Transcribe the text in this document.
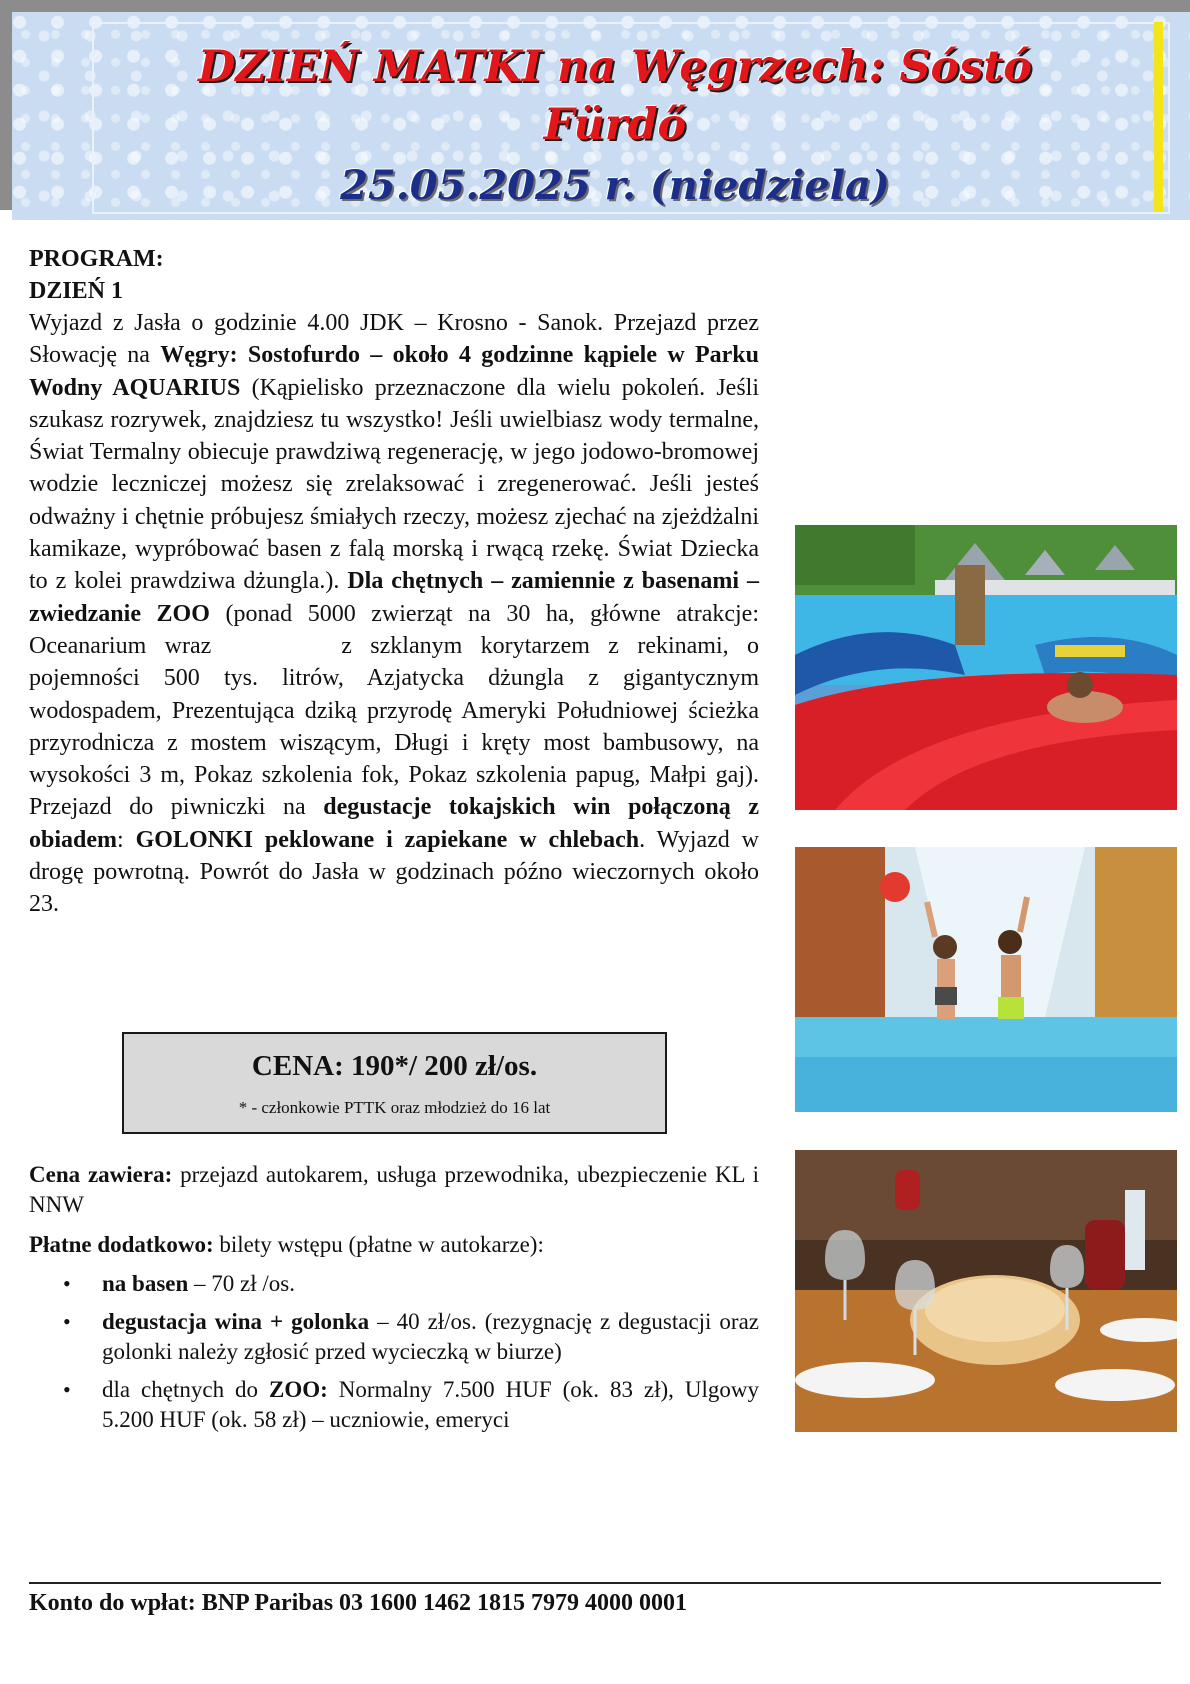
DZIEŃ MATKI na Węgrzech: Sóstó
Fürdő
25.05.2025 r. (niedziela)
PROGRAM:
DZIEŃ 1
Wyjazd z Jasła o godzinie 4.00 JDK – Krosno - Sanok. Przejazd przez Słowację na Węgry: Sostofurdo – około 4 godzinne kąpiele w Parku Wodny AQUARIUS (Kąpielisko przeznaczone dla wielu pokoleń. Jeśli szukasz rozrywek, znajdziesz tu wszystko! Jeśli uwielbiasz wody termalne, Świat Termalny obiecuje prawdziwą regenerację, w jego jodowo-bromowej wodzie leczniczej możesz się zrelaksować i zregenerować. Jeśli jesteś odważny i chętnie próbujesz śmiałych rzeczy, możesz zjechać na zjeżdżalni kamikaze, wypróbować basen z falą morską i rwącą rzekę. Świat Dziecka to z kolei prawdziwa dżungla.). Dla chętnych – zamiennie z basenami – zwiedzanie ZOO (ponad 5000 zwierząt na 30 ha, główne atrakcje: Oceanarium wraz	z szklanym korytarzem z rekinami, o pojemności 500 tys. litrów, Azjatycka dżungla z gigantycznym wodospadem, Prezentująca dziką przyrodę Ameryki Południowej ścieżka przyrodnicza z mostem wiszącym, Długi i kręty most bambusowy, na wysokości 3 m, Pokaz szkolenia fok, Pokaz szkolenia papug, Małpi gaj). Przejazd do piwniczki na degustacje tokajskich win połączoną z obiadem: GOLONKI peklowane i zapiekane w chlebach. Wyjazd w drogę powrotną. Powrót do Jasła w godzinach późno wieczornych około 23.
CENA: 190*/ 200 zł/os.
* - członkowie PTTK oraz młodzież do 16 lat
Cena zawiera: przejazd autokarem, usługa przewodnika, ubezpieczenie KL i NNW
Płatne dodatkowo: bilety wstępu (płatne w autokarze):
• na basen – 70 zł /os.
• degustacja wina + golonka – 40 zł/os. (rezygnację z degustacji oraz golonki należy zgłosić przed wycieczką w biurze)
• dla chętnych do ZOO: Normalny 7.500 HUF (ok. 83 zł), Ulgowy 5.200 HUF (ok. 58 zł) – uczniowie, emeryci
Konto do wpłat: BNP Paribas 03 1600 1462 1815 7979 4000 0001
